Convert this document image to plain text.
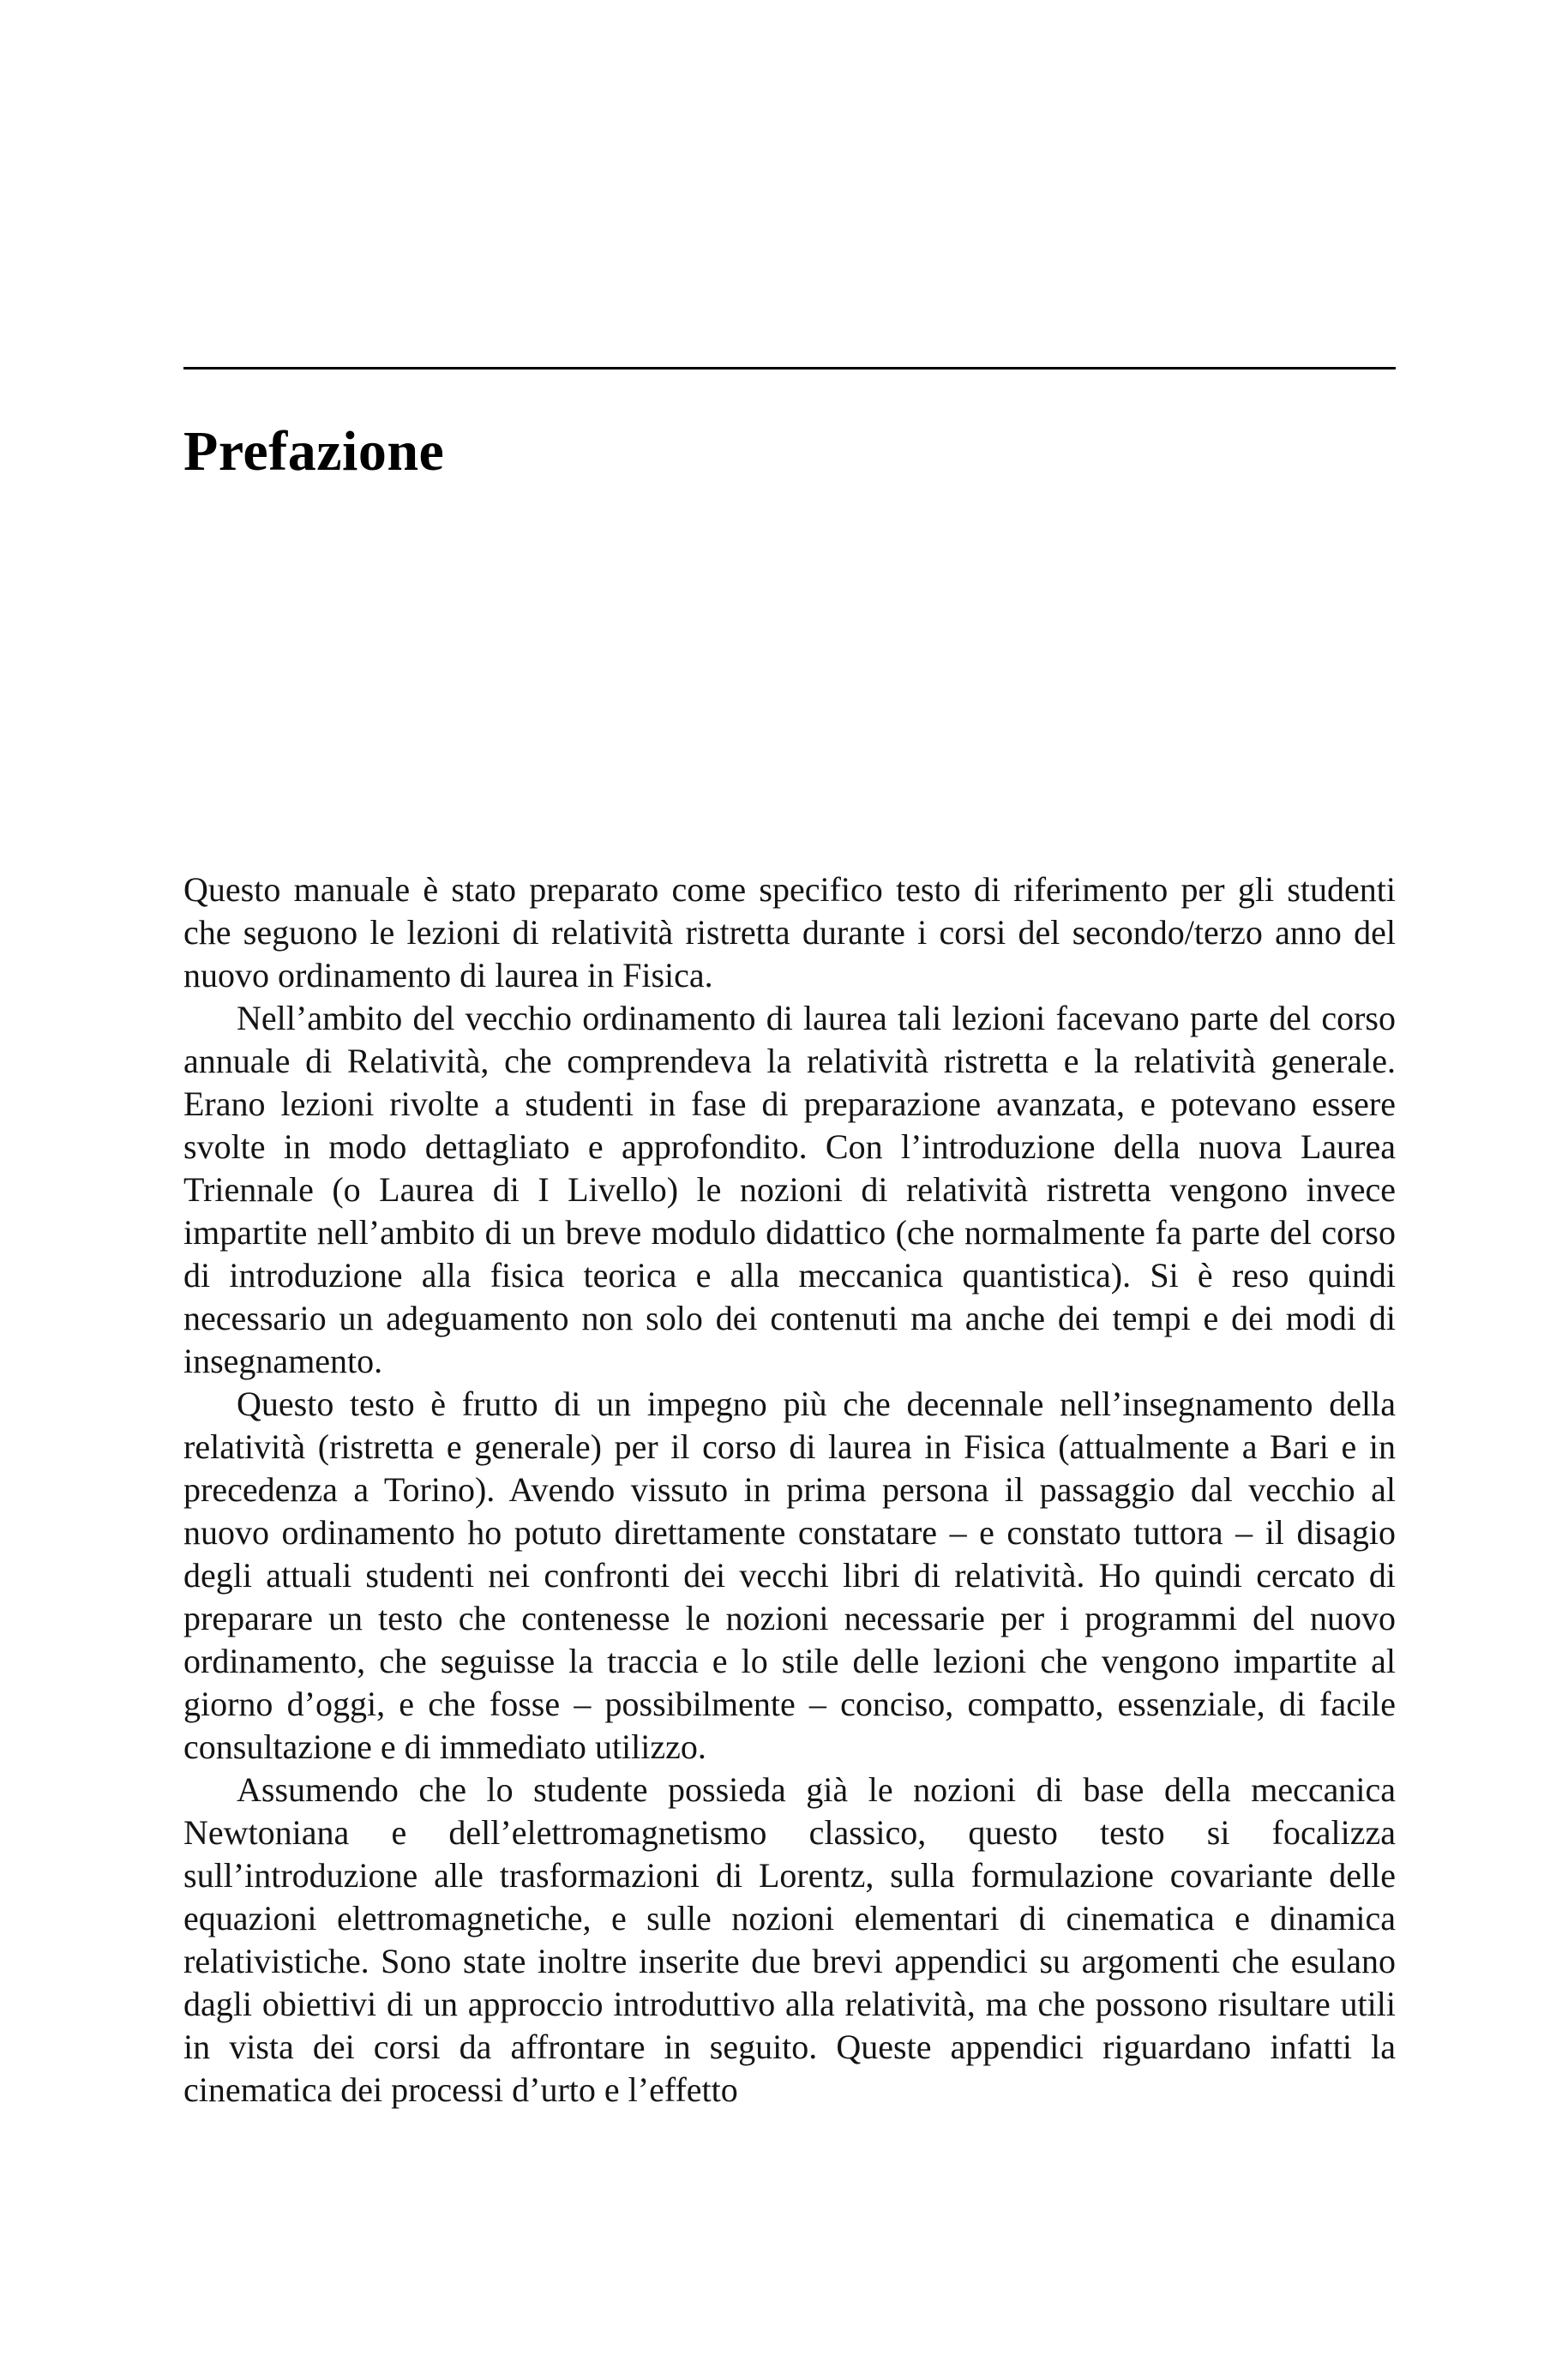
Prefazione

Questo manuale è stato preparato come specifico testo di riferimento per gli studenti che seguono le lezioni di relatività ristretta durante i corsi del secondo/terzo anno del nuovo ordinamento di laurea in Fisica.

Nell’ambito del vecchio ordinamento di laurea tali lezioni facevano parte del corso annuale di Relatività, che comprendeva la relatività ristretta e la relatività generale. Erano lezioni rivolte a studenti in fase di preparazione avanzata, e potevano essere svolte in modo dettagliato e approfondito. Con l’introduzione della nuova Laurea Triennale (o Laurea di I Livello) le nozioni di relatività ristretta vengono invece impartite nell’ambito di un breve modulo didattico (che normalmente fa parte del corso di introduzione alla fisica teorica e alla meccanica quantistica). Si è reso quindi necessario un adeguamento non solo dei contenuti ma anche dei tempi e dei modi di insegnamento.

Questo testo è frutto di un impegno più che decennale nell’insegnamento della relatività (ristretta e generale) per il corso di laurea in Fisica (attualmente a Bari e in precedenza a Torino). Avendo vissuto in prima persona il passaggio dal vecchio al nuovo ordinamento ho potuto direttamente constatare – e constato tuttora – il disagio degli attuali studenti nei confronti dei vecchi libri di relatività. Ho quindi cercato di preparare un testo che contenesse le nozioni necessarie per i programmi del nuovo ordinamento, che seguisse la traccia e lo stile delle lezioni che vengono impartite al giorno d’oggi, e che fosse – possibilmente – conciso, compatto, essenziale, di facile consultazione e di immediato utilizzo.

Assumendo che lo studente possieda già le nozioni di base della meccanica Newtoniana e dell’elettromagnetismo classico, questo testo si focalizza sull’introduzione alle trasformazioni di Lorentz, sulla formulazione covariante delle equazioni elettromagnetiche, e sulle nozioni elementari di cinematica e dinamica relativistiche. Sono state inoltre inserite due brevi appendici su argomenti che esulano dagli obiettivi di un approccio introduttivo alla relatività, ma che possono risultare utili in vista dei corsi da affrontare in seguito. Queste appendici riguardano infatti la cinematica dei processi d’urto e l’effetto
